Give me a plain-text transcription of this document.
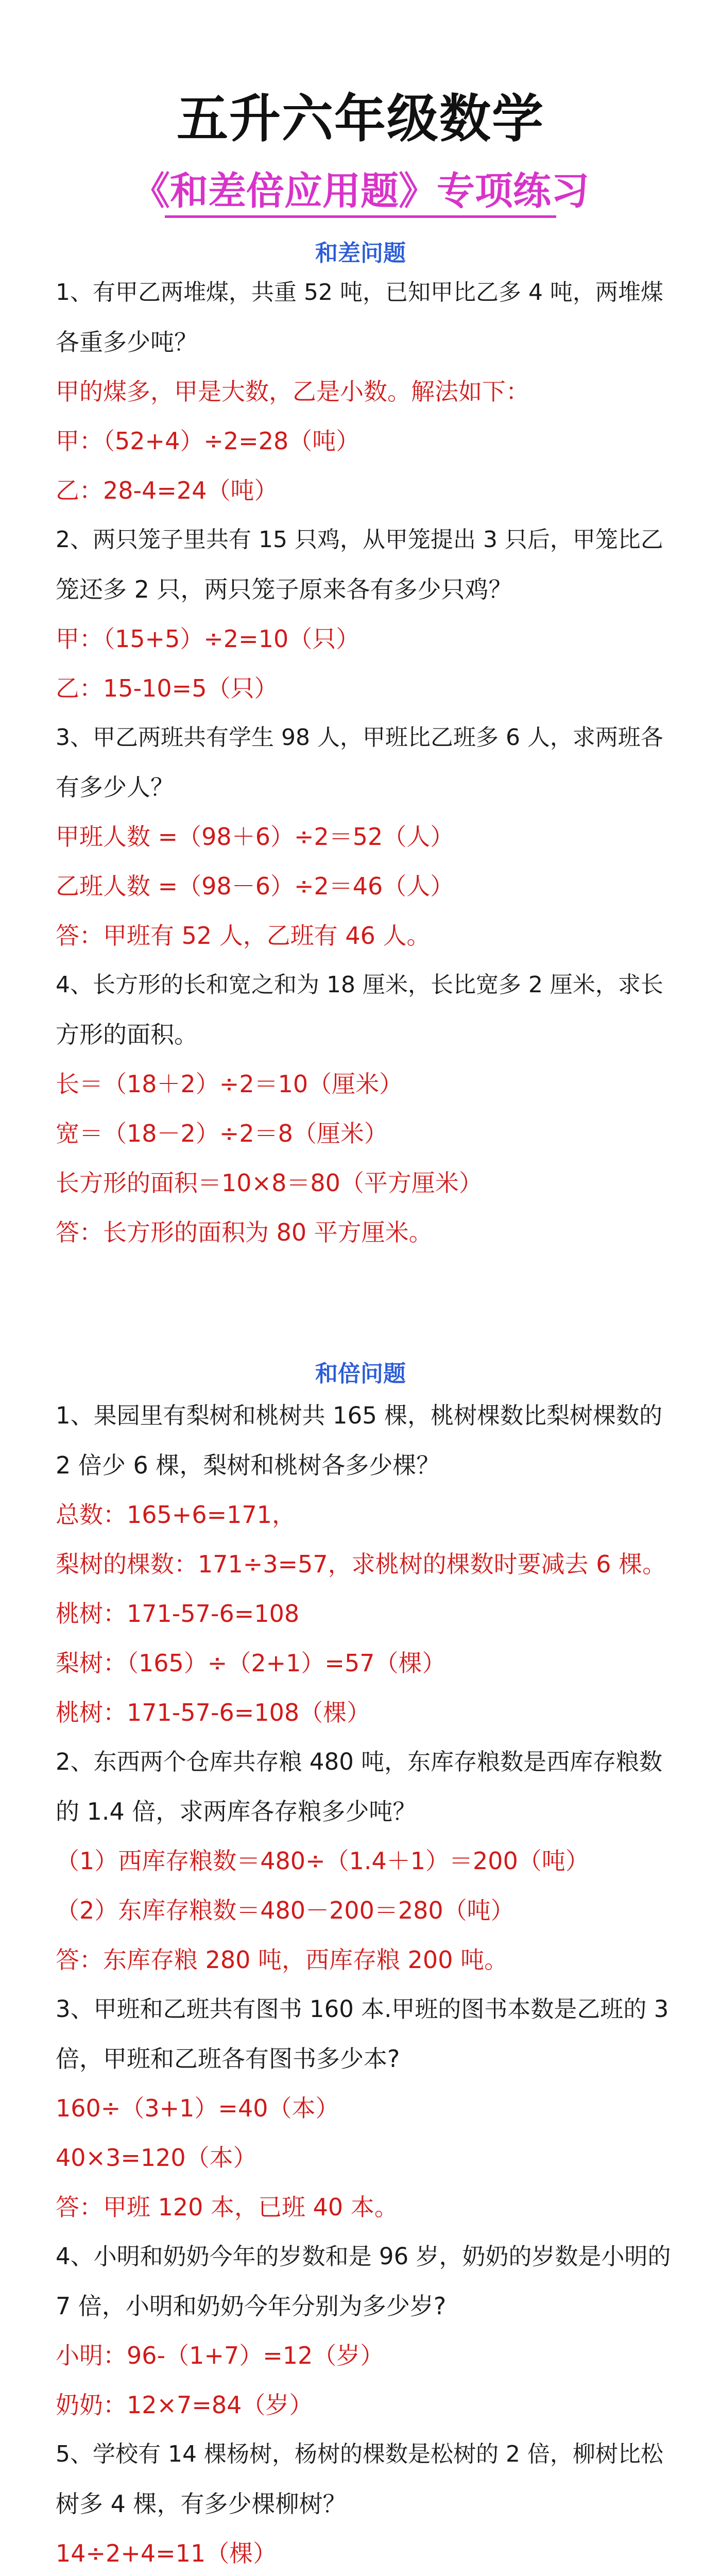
五升六年级数学
《和差倍应用题》专项练习
和差问题
1、有甲乙两堆煤，共重 52 吨，已知甲比乙多 4 吨，两堆煤
各重多少吨？
甲的煤多，甲是大数，乙是小数。解法如下：
甲：（52+4）÷2=28（吨）
乙：28-4=24（吨）
2、两只笼子里共有 15 只鸡，从甲笼提出 3 只后，甲笼比乙
笼还多 2 只，两只笼子原来各有多少只鸡？
甲：（15+5）÷2=10（只）
乙：15-10=5（只）
3、甲乙两班共有学生 98 人，甲班比乙班多 6 人，求两班各
有多少人？
甲班人数 =（98＋6）÷2＝52（人）
乙班人数 =（98－6）÷2＝46（人）
答：甲班有 52 人，乙班有 46 人。
4、长方形的长和宽之和为 18 厘米，长比宽多 2 厘米，求长
方形的面积。
长＝（18＋2）÷2＝10（厘米）
宽＝（18－2）÷2＝8（厘米）
长方形的面积＝10×8＝80（平方厘米）
答：长方形的面积为 80 平方厘米。
和倍问题
1、果园里有梨树和桃树共 165 棵，桃树棵数比梨树棵数的
2 倍少 6 棵，梨树和桃树各多少棵？
总数：165+6=171，
梨树的棵数：171÷3=57，求桃树的棵数时要减去 6 棵。
桃树：171-57-6=108
梨树：（165）÷（2+1）=57（棵）
桃树：171-57-6=108（棵）
2、东西两个仓库共存粮 480 吨，东库存粮数是西库存粮数
的 1.4 倍，求两库各存粮多少吨？
（1）西库存粮数＝480÷（1.4＋1）＝200（吨）
（2）东库存粮数＝480－200＝280（吨）
答：东库存粮 280 吨，西库存粮 200 吨。
3、甲班和乙班共有图书 160 本.甲班的图书本数是乙班的 3
倍，甲班和乙班各有图书多少本?
160÷（3+1）=40（本）
40×3=120（本）
答：甲班 120 本，已班 40 本。
4、小明和奶奶今年的岁数和是 96 岁，奶奶的岁数是小明的
7 倍，小明和奶奶今年分别为多少岁?
小明：96-（1+7）=12（岁）
奶奶：12×7=84（岁）
5、学校有 14 棵杨树，杨树的棵数是松树的 2 倍，柳树比松
树多 4 棵，有多少棵柳树？
14÷2+4=11（棵）
